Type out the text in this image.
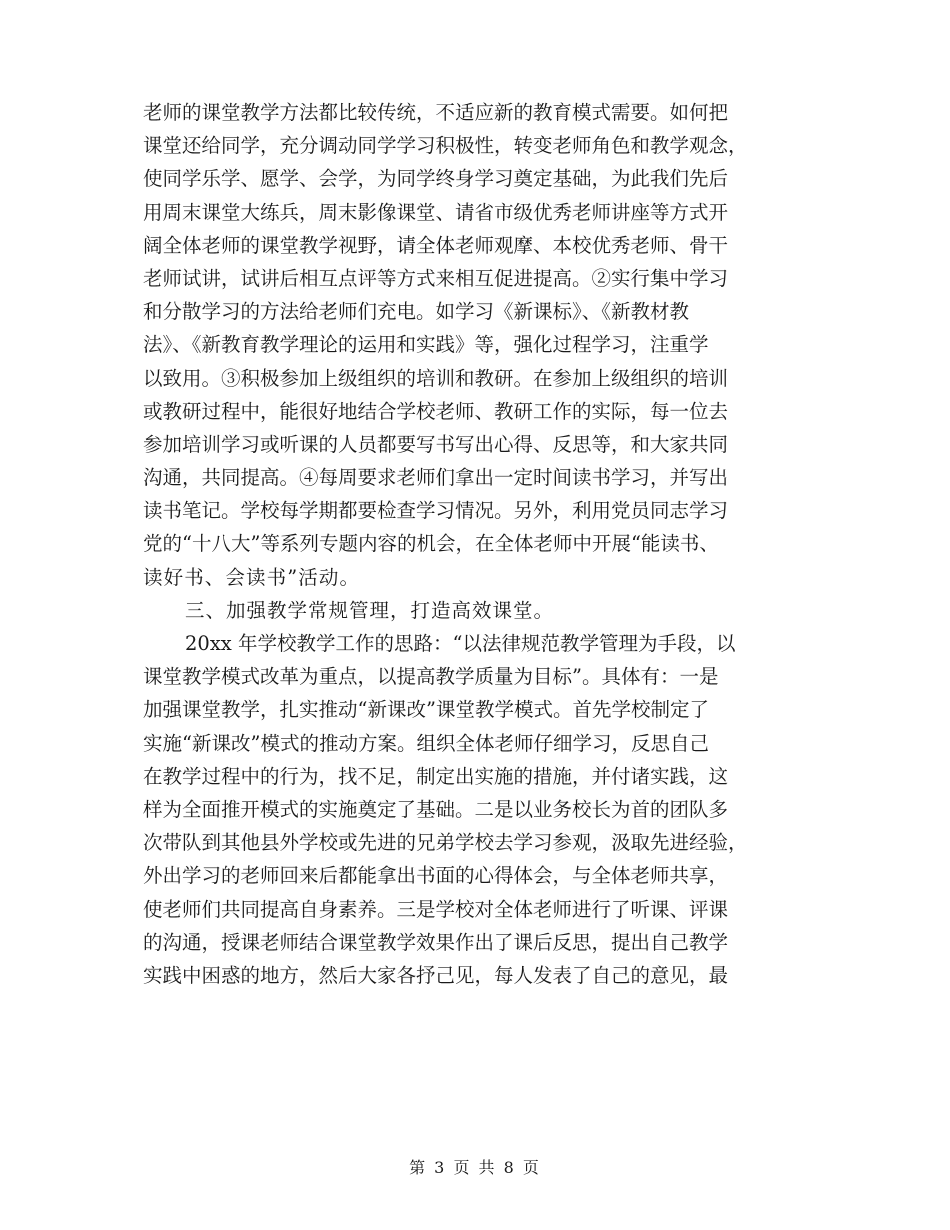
老师的课堂教学方法都比较传统，不适应新的教育模式需要。如何把
课堂还给同学，充分调动同学学习积极性，转变老师角色和教学观念，
使同学乐学、愿学、会学，为同学终身学习奠定基础，为此我们先后
用周末课堂大练兵，周末影像课堂、请省市级优秀老师讲座等方式开
阔全体老师的课堂教学视野，请全体老师观摩、本校优秀老师、骨干
老师试讲，试讲后相互点评等方式来相互促进提高。②实行集中学习
和分散学习的方法给老师们充电。如学习《新课标》、《新教材教
法》、《新教育教学理论的运用和实践》等，强化过程学习，注重学
以致用。③积极参加上级组织的培训和教研。在参加上级组织的培训
或教研过程中，能很好地结合学校老师、教研工作的实际，每一位去
参加培训学习或听课的人员都要写书写出心得、反思等，和大家共同
沟通，共同提高。④每周要求老师们拿出一定时间读书学习，并写出
读书笔记。学校每学期都要检查学习情况。另外，利用党员同志学习
党的“十八大”等系列专题内容的机会，在全体老师中开展“能读书、
读好书、会读书”活动。
三、加强教学常规管理，打造高效课堂。
20xx 年学校教学工作的思路：“以法律规范教学管理为手段，以
课堂教学模式改革为重点，以提高教学质量为目标”。具体有：一是
加强课堂教学，扎实推动“新课改”课堂教学模式。首先学校制定了
实施“新课改”模式的推动方案。组织全体老师仔细学习，反思自己
在教学过程中的行为，找不足，制定出实施的措施，并付诸实践，这
样为全面推开模式的实施奠定了基础。二是以业务校长为首的团队多
次带队到其他县外学校或先进的兄弟学校去学习参观，汲取先进经验，
外出学习的老师回来后都能拿出书面的心得体会，与全体老师共享，
使老师们共同提高自身素养。三是学校对全体老师进行了听课、评课
的沟通，授课老师结合课堂教学效果作出了课后反思，提出自己教学
实践中困惑的地方，然后大家各抒己见，每人发表了自己的意见，最
第 3 页 共 8 页
